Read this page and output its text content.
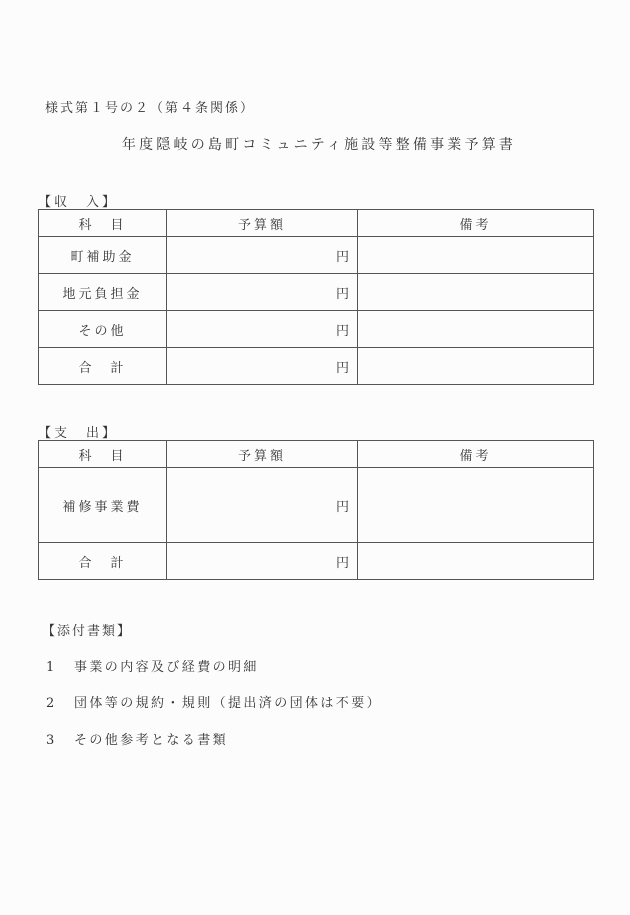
様式第１号の２（第４条関係）
年度隠岐の島町コミュニティ施設等整備事業予算書
【収　入】
科　目	予算額	備考
町補助金	円	
地元負担金	円	
その他	円	
合　計	円	
【支　出】
科　目	予算額	備考
補修事業費	円	
合　計	円	
【添付書類】
1 事業の内容及び経費の明細
2 団体等の規約・規則（提出済の団体は不要）
3 その他参考となる書類
